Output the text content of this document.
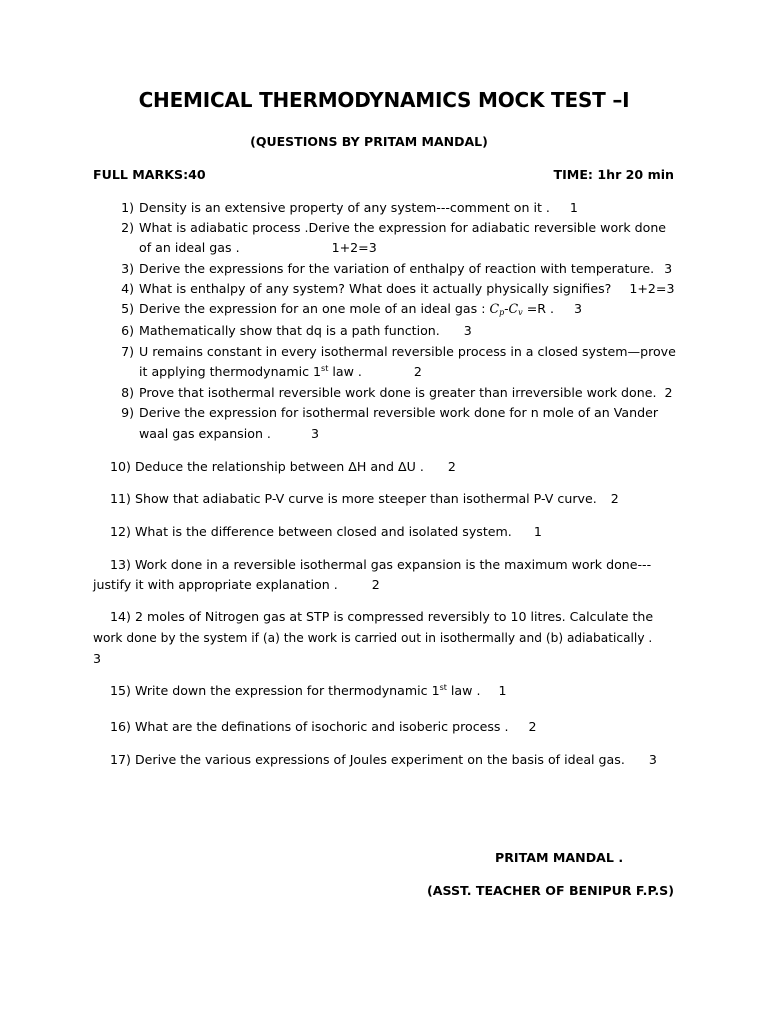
CHEMICAL THERMODYNAMICS MOCK TEST –I
(QUESTIONS BY PRITAM MANDAL)
FULL MARKS:40	TIME: 1hr 20 min
1) Density is an extensive property of any system---comment on it . 1
2) What is adiabatic process .Derive the expression for adiabatic reversible work done
of an ideal gas .	1+2=3
3) Derive the expressions for the variation of enthalpy of reaction with temperature. 3
4) What is enthalpy of any system? What does it actually physically signifies? 1+2=3
5) Derive the expression for an one mole of an ideal gas : $C_p-C_v =R$ . 3
6) Mathematically show that dq is a path function. 3
7) U remains constant in every isothermal reversible process in a closed system—prove
it applying thermodynamic 1st law .	2
8) Prove that isothermal reversible work done is greater than irreversible work done. 2
9) Derive the expression for isothermal reversible work done for n mole of an Vander
waal gas expansion .	3
10) Deduce the relationship between ΔH and ΔU . 2
11) Show that adiabatic P-V curve is more steeper than isothermal P-V curve. 2
12) What is the difference between closed and isolated system. 1
13) Work done in a reversible isothermal gas expansion is the maximum work done---
justify it with appropriate explanation .	2
14) 2 moles of Nitrogen gas at STP is compressed reversibly to 10 litres. Calculate the
work done by the system if (a) the work is carried out in isothermally and (b) adiabatically .
3
15) Write down the expression for thermodynamic 1st law . 1
16) What are the definations of isochoric and isoberic process . 2
17) Derive the various expressions of Joules experiment on the basis of ideal gas. 3
PRITAM MANDAL .
(ASST. TEACHER OF BENIPUR F.P.S)
